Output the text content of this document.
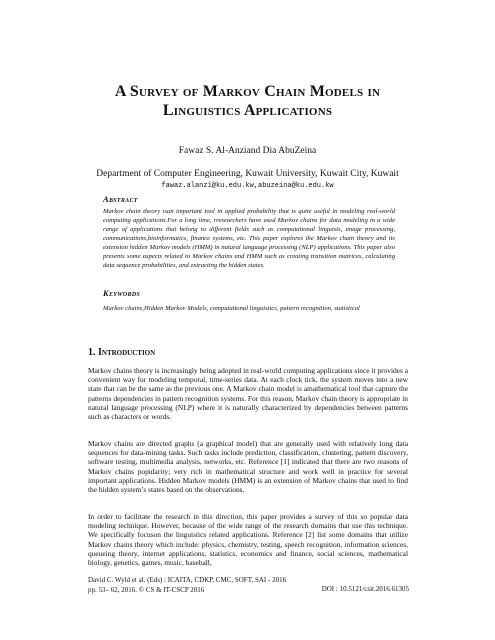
A Survey of Markov Chain Models in
Linguistics Applications
Fawaz S. Al-Anziand Dia AbuZeina
Department of Computer Engineering, Kuwait University, Kuwait City, Kuwait
fawaz.alanzi@ku.edu.kw,abuzeina@ku.edu.kw
Abstract
Markov chain theory isan important tool in applied probability that is quite useful in modeling real-world computing applications.For a long time, rresearchers have used Markov chains for data modeling in a wide range of applications that belong to different fields such as computational linguists, image processing, communications,bioinformatics, finance systems, etc. This paper explores the Markov chain theory and its extension hidden Markov models (HMM) in natural language processing (NLP) applications. This paper also presents some aspects related to Markov chains and HMM such as creating transition matrices, calculating data sequence probabilities, and extracting the hidden states.
Keywords
Markov chains,Hidden Markov Models, computational linguistics, pattern recognition, statistical
1. Introduction
Markov chains theory is increasingly being adopted in real-world computing applications since it provides a convenient way for modeling temporal, time-series data. At each clock tick, the system moves into a new state that can be the same as the previous one. A Markov chain model is amathematical tool that capture the patterns dependencies in pattern recognition systems. For this reason, Markov chain theory is appropriate in natural language processing (NLP) where it is naturally characterized by dependencies between patterns such as characters or words.
Markov chains are directed graphs (a graphical model) that are generally used with relatively long data sequences for data-mining tasks. Such tasks include prediction, classification, clustering, pattern discovery, software testing, multimedia analysis, networks, etc. Reference [1] indicated that there are two reasons of Markov chains popularity; very rich in mathematical structure and work well in practice for several important applications. Hidden Markov models (HMM) is an extension of Markov chains that used to find the hidden system’s states based on the observations.
In order to facilitate the research in this direction, this paper provides a survey of this so popular data modeling technique. However, because of the wide range of the research domains that use this technique. We specifically focuson the linguistics related applications. Reference [2] list some domains that utilize Markov chains theory which include: physics, chemistry, testing, speech recognition, information sciences, queueing theory, internet applications, statistics, economics and finance, social sciences, mathematical biology, genetics, games, music, baseball,
David C. Wyld et al. (Eds) : ICAITA, CDKP, CMC, SOFT, SAI - 2016
pp. 53– 62, 2016. © CS & IT-CSCP 2016	DOI : 10.5121/csit.2016.61305
